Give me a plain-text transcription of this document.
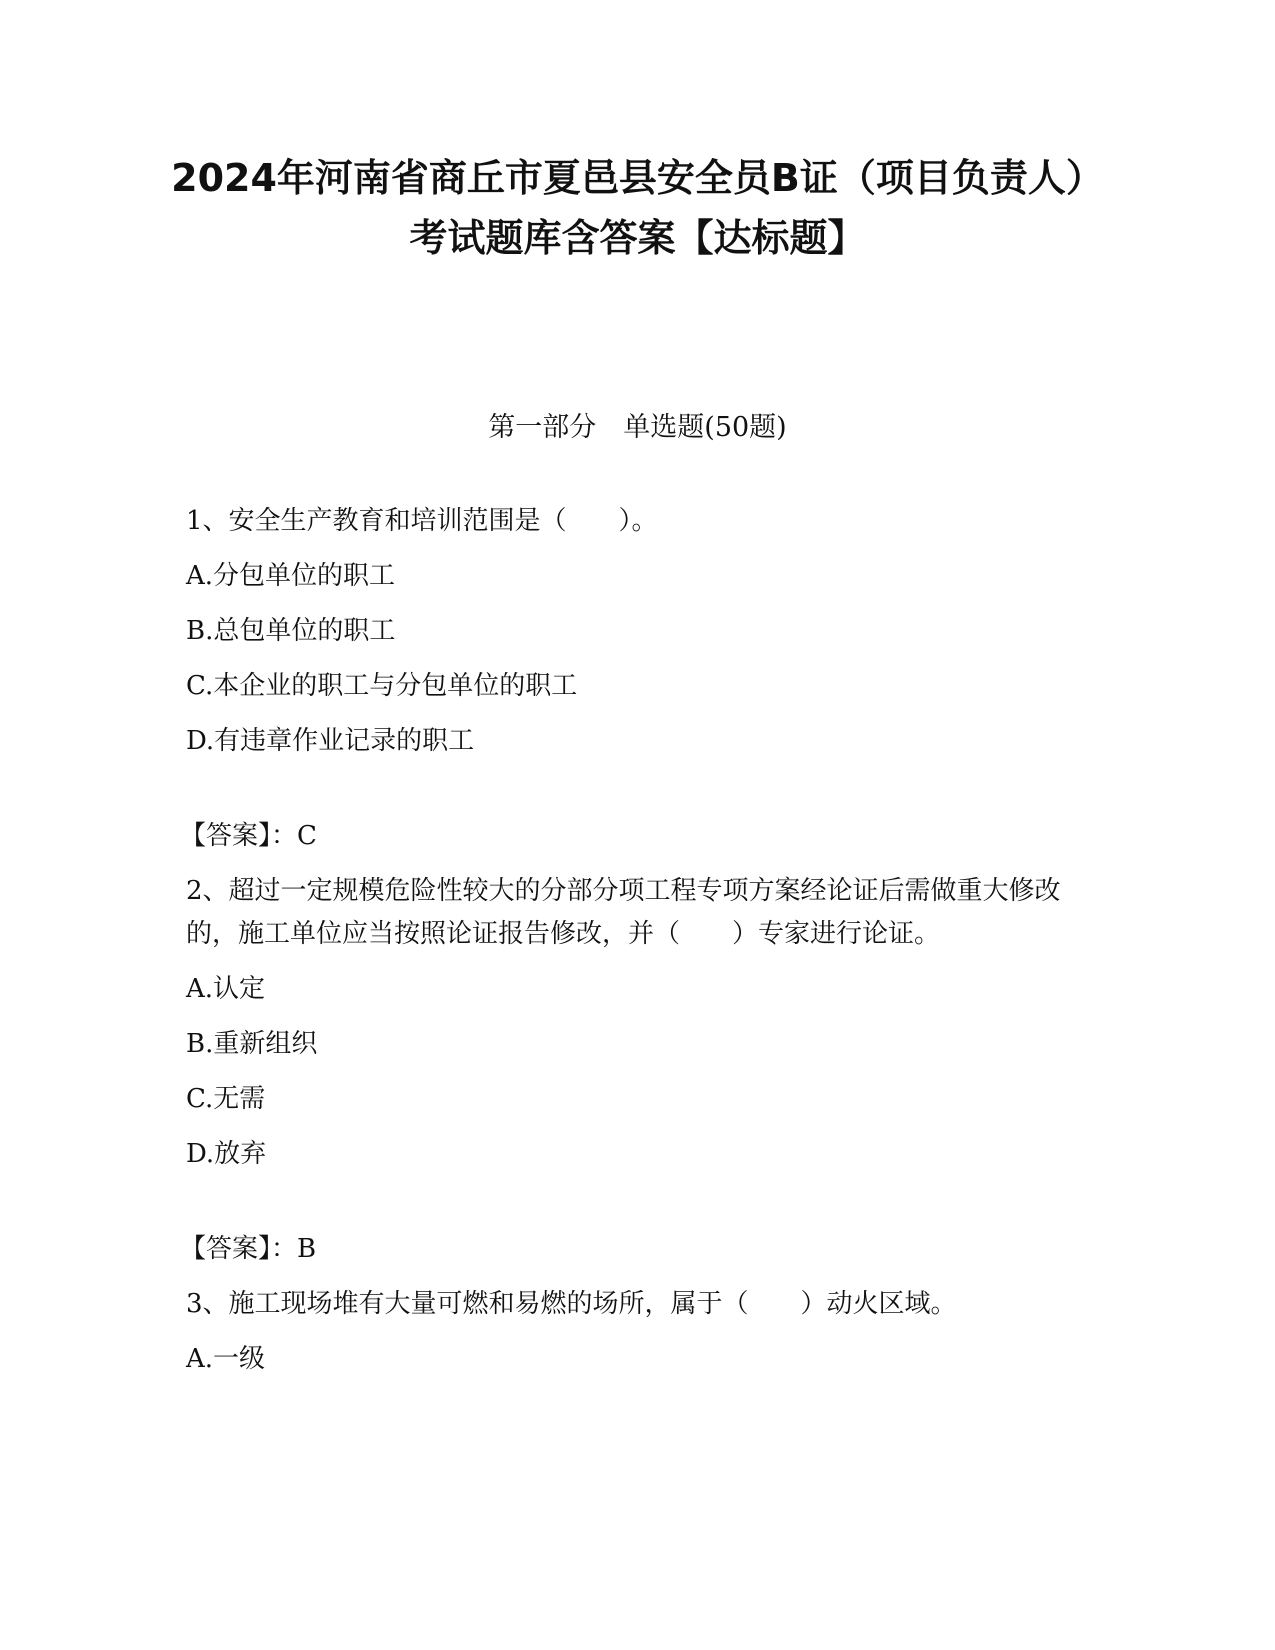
2024年河南省商丘市夏邑县安全员B证（项目负责人）考试题库含答案【达标题】

第一部分　单选题(50题)

1、安全生产教育和培训范围是（　　）。

A.分包单位的职工

B.总包单位的职工

C.本企业的职工与分包单位的职工

D.有违章作业记录的职工

【答案】：C

2、超过一定规模危险性较大的分部分项工程专项方案经论证后需做重大修改的，施工单位应当按照论证报告修改，并（　　）专家进行论证。

A.认定

B.重新组织

C.无需

D.放弃

【答案】：B

3、施工现场堆有大量可燃和易燃的场所，属于（　　）动火区域。

A.一级
